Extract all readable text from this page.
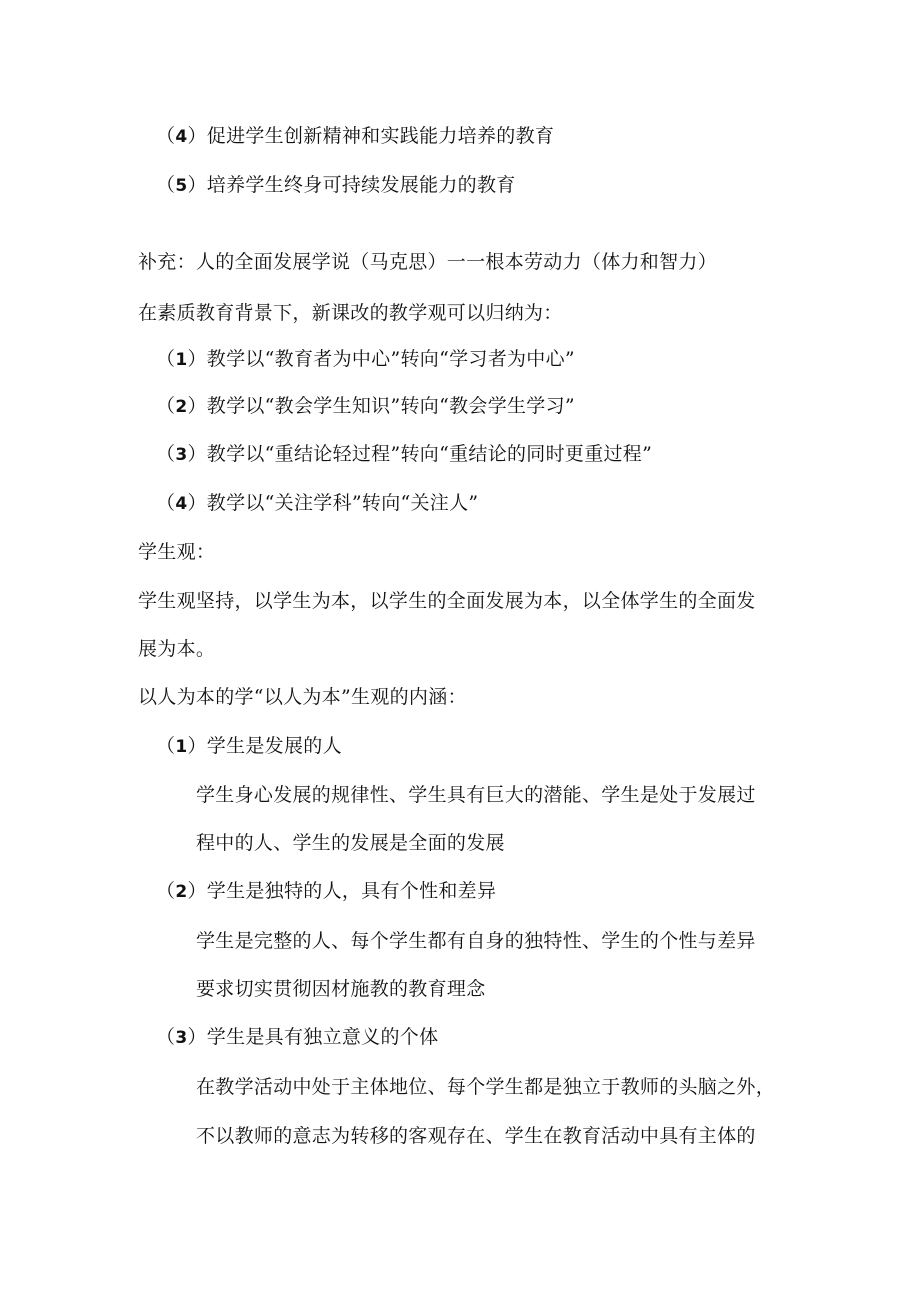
（4）促进学生创新精神和实践能力培养的教育
（5）培养学生终身可持续发展能力的教育
补充：人的全面发展学说（马克思）一一根本劳动力（体力和智力）
在素质教育背景下，新课改的教学观可以归纳为：
（1）教学以“教育者为中心”转向“学习者为中心”
（2）教学以“教会学生知识”转向“教会学生学习”
（3）教学以“重结论轻过程”转向“重结论的同时更重过程”
（4）教学以“关注学科”转向“关注人”
学生观：
学生观坚持，以学生为本，以学生的全面发展为本，以全体学生的全面发
展为本。
以人为本的学“以人为本”生观的内涵：
（1）学生是发展的人
学生身心发展的规律性、学生具有巨大的潜能、学生是处于发展过
程中的人、学生的发展是全面的发展
（2）学生是独特的人，具有个性和差异
学生是完整的人、每个学生都有自身的独特性、学生的个性与差异
要求切实贯彻因材施教的教育理念
（3）学生是具有独立意义的个体
在教学活动中处于主体地位、每个学生都是独立于教师的头脑之外，
不以教师的意志为转移的客观存在、学生在教育活动中具有主体的
